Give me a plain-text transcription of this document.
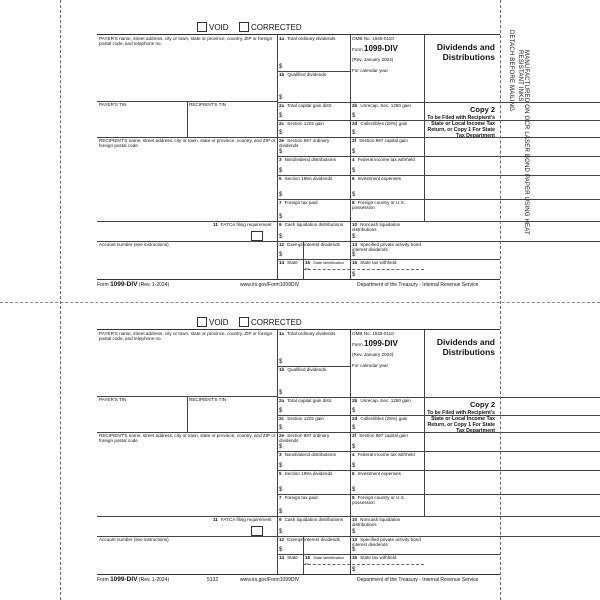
VOID	CORRECTED
PAYER'S name, street address, city or town, state or province, country, ZIP or foreign postal code, and telephone no.
PAYER'S TIN	RECIPIENT'S TIN
RECIPIENT'S name, street address, city or town, state or province, country, and ZIP or foreign postal code
11 FATCA filing requirement
Account number (see instructions)
1a Total ordinary dividends
$
1b Qualified dividends
$
OMB No. 1545-0110
Form 1099-DIV
(Rev. January 2024)
For calendar year
Dividends and Distributions
Copy 2
To be Filed with Recipient's State or Local Income Tax Return, or Copy 1 For State Tax Department
2a Total capital gain distr.
$
2b Unrecap. Sec. 1250 gain
$
2c Section 1202 gain
$
2d Collectibles (28%) gain
$
2e Section 897 ordinary dividends
$
2f Section 897 capital gain
$
3 Nondividend distributions
$
4 Federal income tax withheld
$
5 Section 199A dividends
$
6 Investment expenses
$
7 Foreign tax paid
$
8 Foreign country or U.S. possession
9 Cash liquidation distributions
$
10 Noncash liquidation distributions
$
12 Exempt-interest dividends
$
13 Specified private activity bond interest dividends
$
14 State	15 State identification no.
16 State tax withheld
$
Form 1099-DIV (Rev. 1-2024)	www.irs.gov/Form1099DIV	Department of the Treasury - Internal Revenue Service
VOID	CORRECTED
PAYER'S name, street address, city or town, state or province, country, ZIP or foreign postal code, and telephone no.
PAYER'S TIN	RECIPIENT'S TIN
RECIPIENT'S name, street address, city or town, state or province, country, and ZIP or foreign postal code
11 FATCA filing requirement
Account number (see instructions)
1a Total ordinary dividends
$
1b Qualified dividends
$
OMB No. 1545-0110
Form 1099-DIV
(Rev. January 2024)
For calendar year
Dividends and Distributions
Copy 2
To be Filed with Recipient's State or Local Income Tax Return, or Copy 1 For State Tax Department
2a Total capital gain distr.
$
2b Unrecap. Sec. 1250 gain
$
2c Section 1202 gain
$
2d Collectibles (28%) gain
$
2e Section 897 ordinary dividends
$
2f Section 897 capital gain
$
3 Nondividend distributions
$
4 Federal income tax withheld
$
5 Section 199A dividends
$
6 Investment expenses
$
7 Foreign tax paid
$
8 Foreign country or U.S. possession
9 Cash liquidation distributions
$
10 Noncash liquidation distributions
$
12 Exempt-interest dividends
$
13 Specified private activity bond interest dividends
$
14 State	15 State identification no.
16 State tax withheld
$
Form 1099-DIV (Rev. 1-2024)	5132	www.irs.gov/Form1099DIV	Department of the Treasury - Internal Revenue Service
DETACH BEFORE MAILING	MANUFACTURED ON OCR LASER BOND PAPER USING HEAT RESISTANT INKS
